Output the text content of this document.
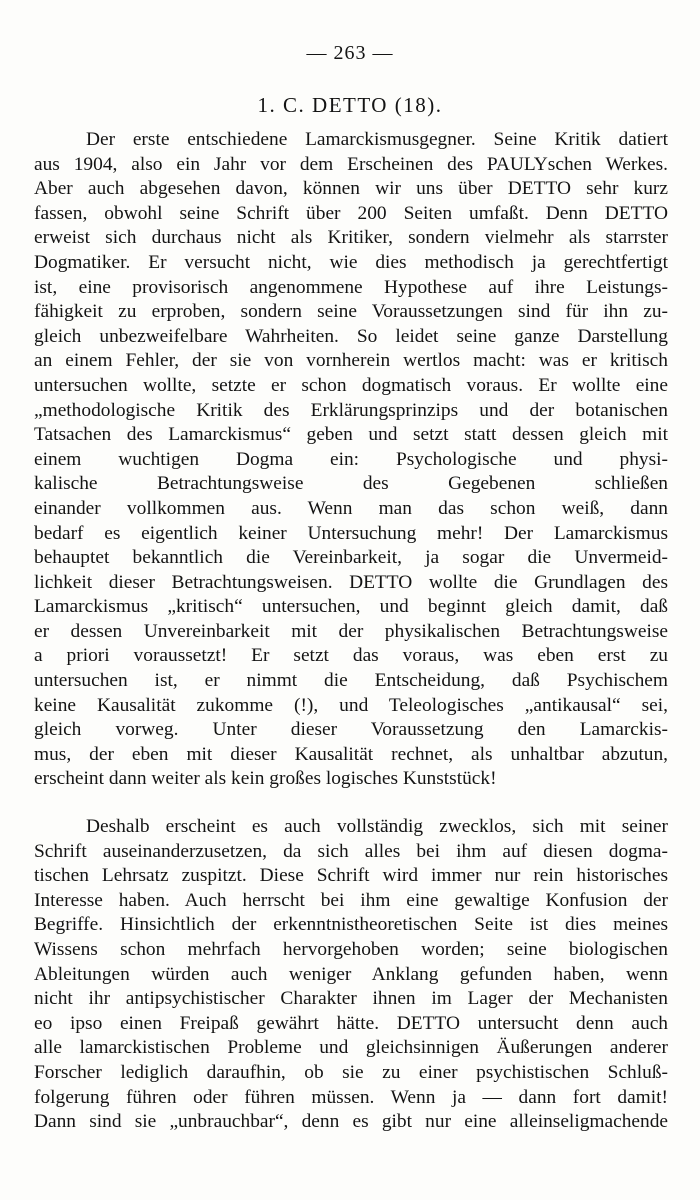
— 263 —
1. C. DETTO (18).

Der erste entschiedene Lamarckismusgegner. Seine Kritik datiert
aus 1904, also ein Jahr vor dem Erscheinen des PAULYschen Werkes.
Aber auch abgesehen davon, können wir uns über DETTO sehr kurz
fassen, obwohl seine Schrift über 200 Seiten umfaßt. Denn DETTO
erweist sich durchaus nicht als Kritiker, sondern vielmehr als starrster
Dogmatiker. Er versucht nicht, wie dies methodisch ja gerechtfertigt
ist, eine provisorisch angenommene Hypothese auf ihre Leistungs-
fähigkeit zu erproben, sondern seine Voraussetzungen sind für ihn zu-
gleich unbezweifelbare Wahrheiten. So leidet seine ganze Darstellung
an einem Fehler, der sie von vornherein wertlos macht: was er kritisch
untersuchen wollte, setzte er schon dogmatisch voraus. Er wollte eine
„methodologische Kritik des Erklärungsprinzips und der botanischen
Tatsachen des Lamarckismus“ geben und setzt statt dessen gleich mit
einem wuchtigen Dogma ein: Psychologische und physi-
kalische Betrachtungsweise des Gegebenen schließen
einander vollkommen aus. Wenn man das schon weiß, dann
bedarf es eigentlich keiner Untersuchung mehr! Der Lamarckismus
behauptet bekanntlich die Vereinbarkeit, ja sogar die Unvermeid-
lichkeit dieser Betrachtungsweisen. DETTO wollte die Grundlagen des
Lamarckismus „kritisch“ untersuchen, und beginnt gleich damit, daß
er dessen Unvereinbarkeit mit der physikalischen Betrachtungsweise
a priori voraussetzt! Er setzt das voraus, was eben erst zu
untersuchen ist, er nimmt die Entscheidung, daß Psychischem
keine Kausalität zukomme (!), und Teleologisches „antikausal“ sei,
gleich vorweg. Unter dieser Voraussetzung den Lamarckis-
mus, der eben mit dieser Kausalität rechnet, als unhaltbar abzutun,
erscheint dann weiter als kein großes logisches Kunststück!

Deshalb erscheint es auch vollständig zwecklos, sich mit seiner
Schrift auseinanderzusetzen, da sich alles bei ihm auf diesen dogma-
tischen Lehrsatz zuspitzt. Diese Schrift wird immer nur rein historisches
Interesse haben. Auch herrscht bei ihm eine gewaltige Konfusion der
Begriffe. Hinsichtlich der erkenntnistheoretischen Seite ist dies meines
Wissens schon mehrfach hervorgehoben worden; seine biologischen
Ableitungen würden auch weniger Anklang gefunden haben, wenn
nicht ihr antipsychistischer Charakter ihnen im Lager der Mechanisten
eo ipso einen Freipaß gewährt hätte. DETTO untersucht denn auch
alle lamarckistischen Probleme und gleichsinnigen Äußerungen anderer
Forscher lediglich daraufhin, ob sie zu einer psychistischen Schluß-
folgerung führen oder führen müssen. Wenn ja — dann fort damit!
Dann sind sie „unbrauchbar“, denn es gibt nur eine alleinseligmachende
